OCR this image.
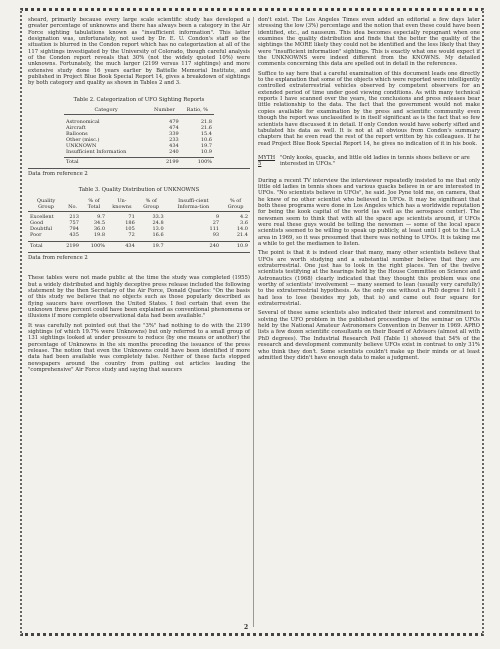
sheard, primarily because every large scale scientific study has developed a greater percentage of unknowns and there has always been a category in the Air Force sighting tabulations known as "insufficient information". This latter designation was, unfortunately, not used by Dr. E. U. Condon's staff so the situation is blurred in the Condon report which has no categorization at all of the 117 sightings investigated by the University of Colorado, though careful analysis of the Condon report reveals that 30% (not the widely quoted 10%) were unknowns. Fortunately, the much larger (2199 versus 117 sightings) and more extensive study done 16 years earlier by Battelle Memorial Institute, and published in Project Blue Book Special Report 14, gives a breakdown of sightings by both category and quality as shown in Tables 2 and 3.

Table 2. Categorization of UFO Sighting Reports
Category	Number	Ratio, %

Astronomical	479	21.8
Aircraft	474	21.6
Balloons	339	15.4
Other (misc.)	233	10.6
UNKNOWN	434	19.7
Insufficient Information	240	10.9

Total	2199	100%
Data from reference 2
Table 3. Quality Distribution of UNKNOWNS
Quality Group	No.	% of Total	Un-knowns	% of Group	Insuffi-cient Informa-tion	% of Group

Excellent	213	9.7	71	33.3	9	4.2
Good	757	34.5	186	24.8	27	3.6
Doubtful	794	36.0	105	13.0	111	14.0
Poor	435	19.8	72	16.6	93	21.4

Total	2199	100%	434	19.7	240	10.9
Data from reference 2

These tables were not made public at the time the study was completed (1955) but a widely distributed and highly deceptive press release included the following statement by the then Secretary of the Air Force, Donald Quarles: "On the basis of this study we believe that no objects such as those popularly described as flying saucers have overflown the United States. I feel certain that even the unknown three percent could have been explained as conventional phenomena or illusions if more complete observational data had been available."

It was carefully not pointed out that the "3%" had nothing to do with the 2199 sightings (of which 19.7% were Unknowns) but only referred to a small group of 131 sightings looked at under pressure to reduce (by one means or another) the percentage of Unknowns in the six months preceding the issuance of the press release. The notion that even the Unknowns could have been identified if more data had been available was completely false. Neither of these facts stopped newspapers around the country from putting out articles lauding the "comprehensive" Air Force study and saying that saucers

don't exist. The Los Angeles Times even added an editorial a few days later stressing the low (3%) percentage and the notion that even these could have been identified, etc., ad nauseum. This idea becomes especially repugnant when one examines the quality distribution and finds that the better the quality of the sightings the MORE likely they could not be identified and the less likely that they were "insufficient information" sightings. This is exactly what one would expect if the UNKNOWNS were indeed different from the KNOWNS. My detailed comments concerning this data are spelled out in detail in the references.

Suffice to say here that a careful examination of this document leads one directly to the explanation that some of the objects which were reported were intelligently controlled extraterrestrial vehicles observed by competent observers for an extended period of time under good viewing conditions. As with many technical reports I have scanned over the years, the conclusions and press releases bear little relationship to the data. The fact that the government would not make copies available for examination by the press and scientific community even though the report was unclassified is in itself significant as is the fact that so few scientists have discussed it in detail. If only Condon would have soberly sifted and tabulated his data as well. It is not at all obvious from Condon's summary chapters that he even read the rest of the report written by his colleagues. If he read Project Blue Book Special Report 14, he gives no indication of it in his book.

MYTH 5
"Only kooks, quacks, and little old ladies in tennis shoes believe or are interested in UFOs."

During a recent TV interview the interviewer repeatedly insisted to me that only little old ladies in tennis shoes and various quacks believe in or are interested in UFOs. "No scientists believe in UFOs", he said. Joe Pyne told me, on camera, that he knew of no other scientist who believed in UFOs. It may be significant that both these programs were done in Los Angeles which has a worldwide reputation for being the kook capital of the world (as well as the aerospace center). The newsmen seem to think that with all the space age scientists around, if UFOs were real these guys would be telling the newsmen — some of the local space scientists seemed to be willing to speak up publicly, at least until I got to the L.A area in 1969, so it was presumed that there was nothing to UFOs. It is taking me a while to get the mediamen to listen.

The point is that it is indeed clear that many, many other scientists believe that UFOs are worth studying and a substantial number believe that they are extraterrestrial. One just has to look in the right places. Ten of the twelve scientists testifying at the hearings held by the House Committee on Science and Astronautics (1968) clearly indicated that they thought this problem was one worthy of scientists' involvement — many seemed to lean (usually very carefully) to the extraterrestrial hypothesis. As the only one without a PhD degree I felt I had less to lose (besides my job, that is) and came out four square for extraterrestrial.

Several of these same scientists also indicated their interest and commitment to solving the UFO problem in the published proceedings of the seminar on UFOs held by the National Amateur Astronomers Convention in Denver in 1969. APRO lists a few dozen scientific consultants on their Board of Advisors (almost all with PhD degrees). The Industrial Research Poll (Table 1) showed that 54% of the research and development community believe UFOs exist in contrast to only 31% who think they don't. Some scientists couldn't make up their minds or at least admitted they didn't have enough data to make a judgment.

2
